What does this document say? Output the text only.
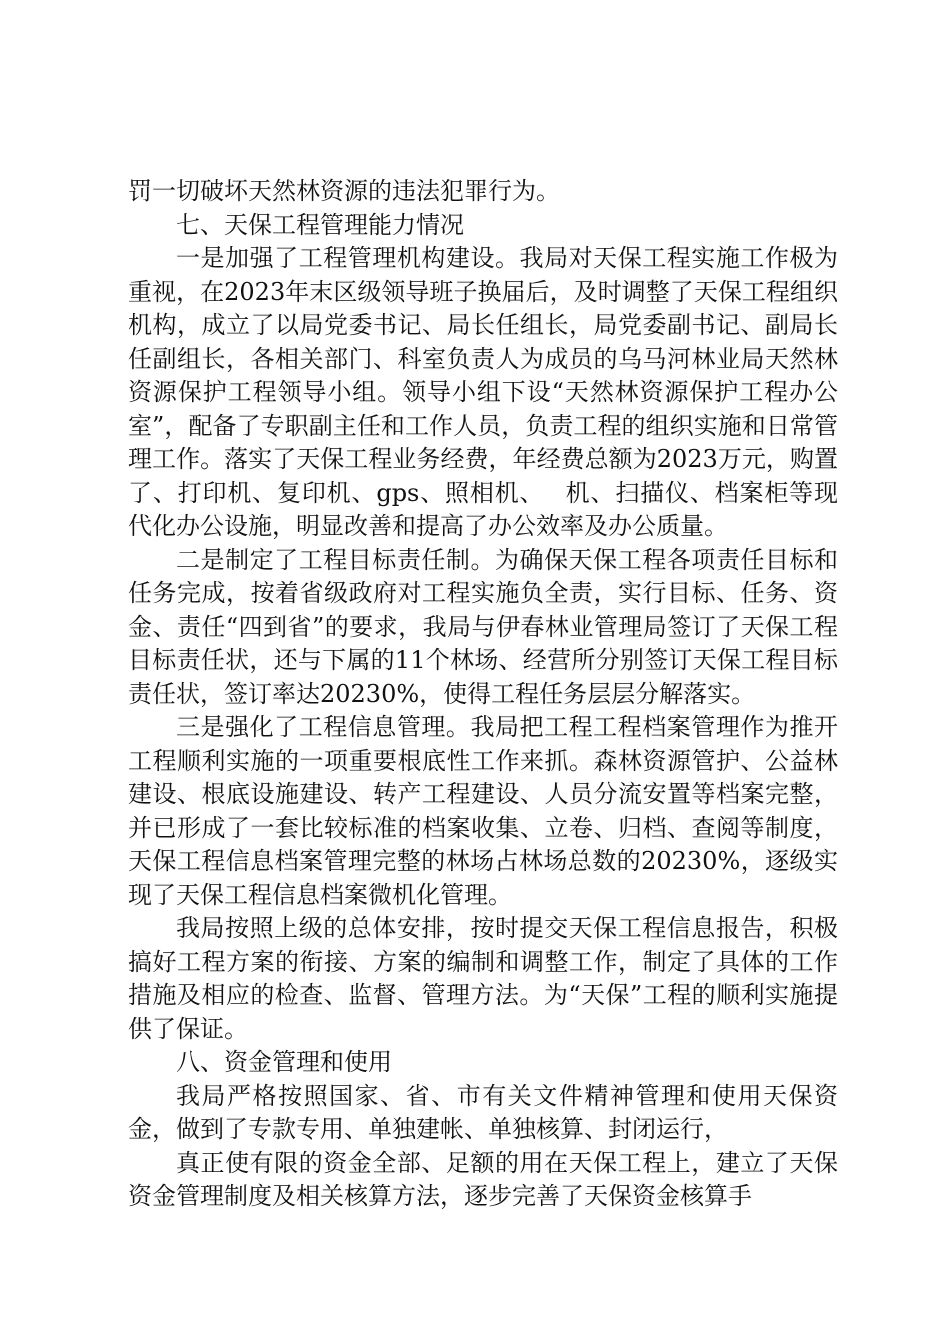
罚一切破坏天然林资源的违法犯罪行为。

七、天保工程管理能力情况

一是加强了工程管理机构建设。我局对天保工程实施工作极为重视，在2023年末区级领导班子换届后，及时调整了天保工程组织机构，成立了以局党委书记、局长任组长，局党委副书记、副局长任副组长，各相关部门、科室负责人为成员的乌马河林业局天然林资源保护工程领导小组。领导小组下设“天然林资源保护工程办公室”，配备了专职副主任和工作人员，负责工程的组织实施和日常管理工作。落实了天保工程业务经费，年经费总额为2023万元，购置了、打印机、复印机、gps、照相机、　 机、扫描仪、档案柜等现代化办公设施，明显改善和提高了办公效率及办公质量。

二是制定了工程目标责任制。为确保天保工程各项责任目标和任务完成，按着省级政府对工程实施负全责，实行目标、任务、资金、责任“四到省”的要求，我局与伊春林业管理局签订了天保工程目标责任状，还与下属的11个林场、经营所分别签订天保工程目标责任状，签订率达20230%，使得工程任务层层分解落实。

三是强化了工程信息管理。我局把工程工程档案管理作为推开工程顺利实施的一项重要根底性工作来抓。森林资源管护、公益林建设、根底设施建设、转产工程建设、人员分流安置等档案完整，并已形成了一套比较标准的档案收集、立卷、归档、查阅等制度，天保工程信息档案管理完整的林场占林场总数的20230%，逐级实现了天保工程信息档案微机化管理。

我局按照上级的总体安排，按时提交天保工程信息报告，积极搞好工程方案的衔接、方案的编制和调整工作，制定了具体的工作措施及相应的检查、监督、管理方法。为“天保”工程的顺利实施提供了保证。

八、资金管理和使用

我局严格按照国家、省、市有关文件精神管理和使用天保资金，做到了专款专用、单独建帐、单独核算、封闭运行，

真正使有限的资金全部、足额的用在天保工程上，建立了天保资金管理制度及相关核算方法，逐步完善了天保资金核算手
